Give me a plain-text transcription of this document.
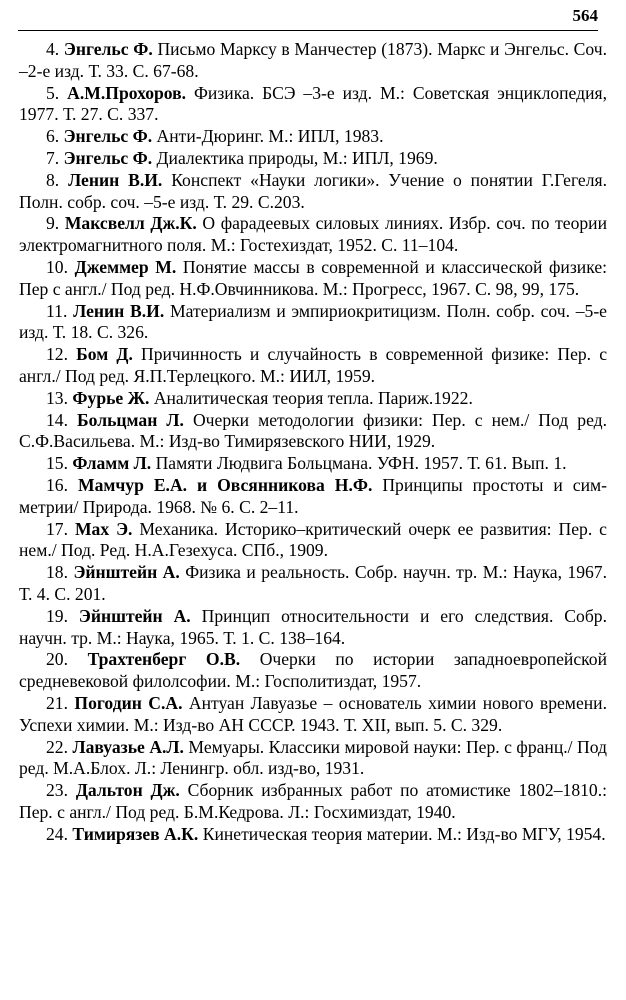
564

4. Энгельс Ф. Письмо Марксу в Манчестер (1873). Маркс и Энгельс. Соч. –2-е изд. Т. 33. С. 67-68.

5. А.М.Прохоров. Физика. БСЭ –3-е изд. М.: Советская энциклопедия, 1977. Т. 27. С. 337.

6. Энгельс Ф. Анти-Дюринг. М.: ИПЛ, 1983.

7. Энгельс Ф. Диалектика природы, М.: ИПЛ, 1969.

8. Ленин В.И. Конспект «Науки логики». Учение о понятии Г.Гегеля. Полн. собр. соч. –5-е изд. Т. 29. С.203.

9. Максвелл Дж.К. О фарадеевых силовых линиях. Избр. соч. по теории электромагнитного поля. М.: Гостехиздат, 1952. С. 11–104.

10. Джеммер М. Понятие массы в современной и классической физике: Пер с англ./ Под ред. Н.Ф.Овчинникова. М.: Прогресс, 1967. С. 98, 99, 175.

11. Ленин В.И. Материализм и эмпириокритицизм. Полн. собр. соч. –5-е изд. Т. 18. С. 326.

12. Бом Д. Причинность и случайность в современной физике: Пер. с англ./ Под ред. Я.П.Терлецкого. М.: ИИЛ, 1959.

13. Фурье Ж. Аналитическая теория тепла. Париж.1922.

14. Больцман Л. Очерки методологии физики: Пер. с нем./ Под ред. С.Ф.Васильева. М.: Изд-во Тимирязевского НИИ, 1929.

15. Фламм Л. Памяти Людвига Больцмана. УФН. 1957. Т. 61. Вып. 1.

16. Мамчур Е.А. и Овсянникова Н.Ф. Принципы простоты и сим-метрии/ Природа. 1968. № 6. С. 2–11.

17. Мах Э. Механика. Историко–критический очерк ее развития: Пер. с нем./ Под. Ред. Н.А.Гезехуса. СПб., 1909.

18. Эйнштейн А. Физика и реальность. Собр. научн. тр. М.: Наука, 1967. Т. 4. С. 201.

19. Эйнштейн А. Принцип относительности и его следствия. Собр. научн. тр. М.: Наука, 1965. Т. 1. С. 138–164.

20. Трахтенберг О.В. Очерки по истории западноевропейской средневековой филолсофии. М.: Госполитиздат, 1957.

21. Погодин С.А. Антуан Лавуазье – основатель химии нового времени. Успехи химии. М.: Изд-во АН СССР. 1943. Т. XII, вып. 5. С. 329.

22. Лавуазье А.Л. Мемуары. Классики мировой науки: Пер. с франц./ Под ред. М.А.Блох. Л.: Ленингр. обл. изд-во, 1931.

23. Дальтон Дж. Сборник избранных работ по атомистике 1802–1810.: Пер. с англ./ Под ред. Б.М.Кедрова. Л.: Госхимиздат, 1940.

24. Тимирязев А.К. Кинетическая теория материи. М.: Изд-во МГУ, 1954.
